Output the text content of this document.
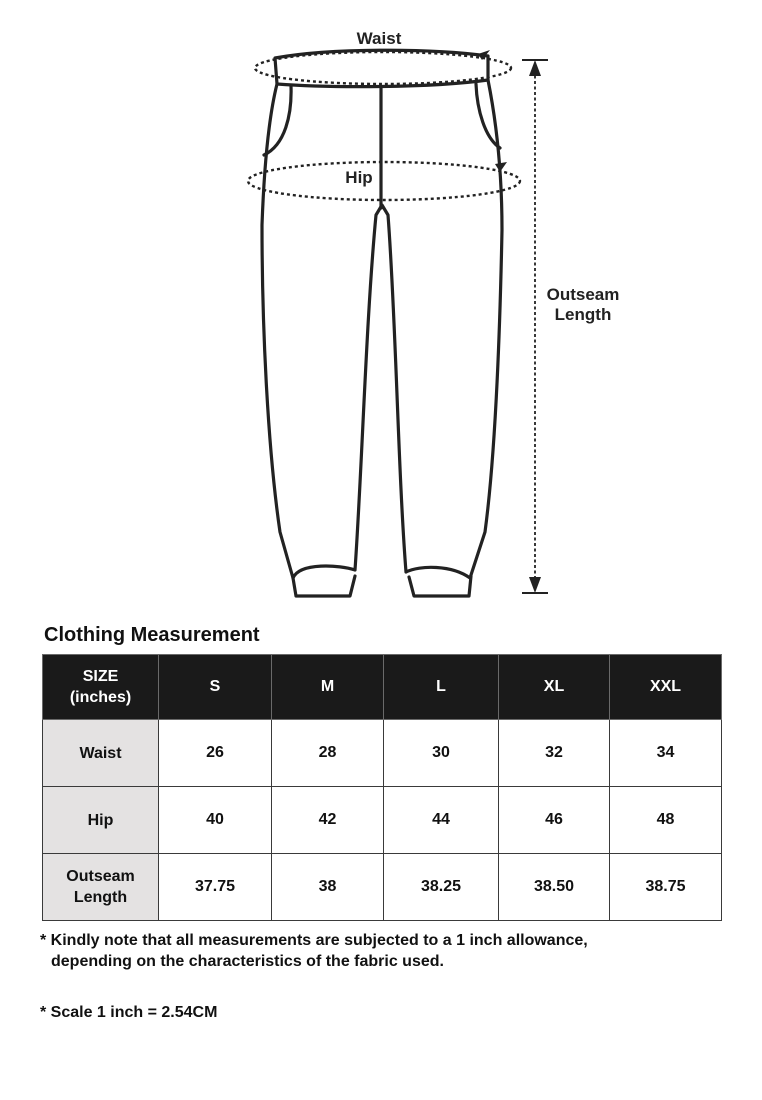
Waist
Hip
Outseam
Length
Clothing Measurement
SIZE
(inches)	S	M	L	XL	XXL

Waist	26	28	30	32	34

Hip	40	42	44	46	48

Outseam
Length	37.75	38	38.25	38.50	38.75

* Kindly note that all measurements are subjected to a 1 inch allowance,

depending on the characteristics of the fabric used.

* Scale 1 inch = 2.54CM
